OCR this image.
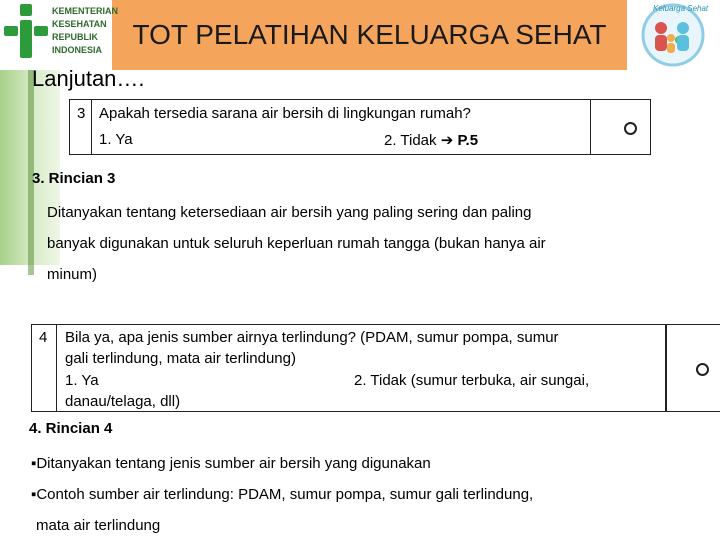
TOT PELATIHAN KELUARGA SEHAT
KEMENTERIAN
KESEHATAN
REPUBLIK
INDONESIA
Keluarga Sehat
Lanjutan….
3 Apakah tersedia sarana air bersih di lingkungan rumah?
1. Ya	2. Tidak ➔ P.5
3. Rincian 3
Ditanyakan tentang ketersediaan air bersih yang paling sering dan paling
banyak digunakan untuk seluruh keperluan rumah tangga (bukan hanya air
minum)
4 Bila ya, apa jenis sumber airnya terlindung? (PDAM, sumur pompa, sumur
gali terlindung, mata air terlindung)
1. Ya	2. Tidak (sumur terbuka, air sungai,
danau/telaga, dll)
4. Rincian 4
▪Ditanyakan tentang jenis sumber air bersih yang digunakan
▪Contoh sumber air terlindung: PDAM, sumur pompa, sumur gali terlindung,
mata air terlindung
